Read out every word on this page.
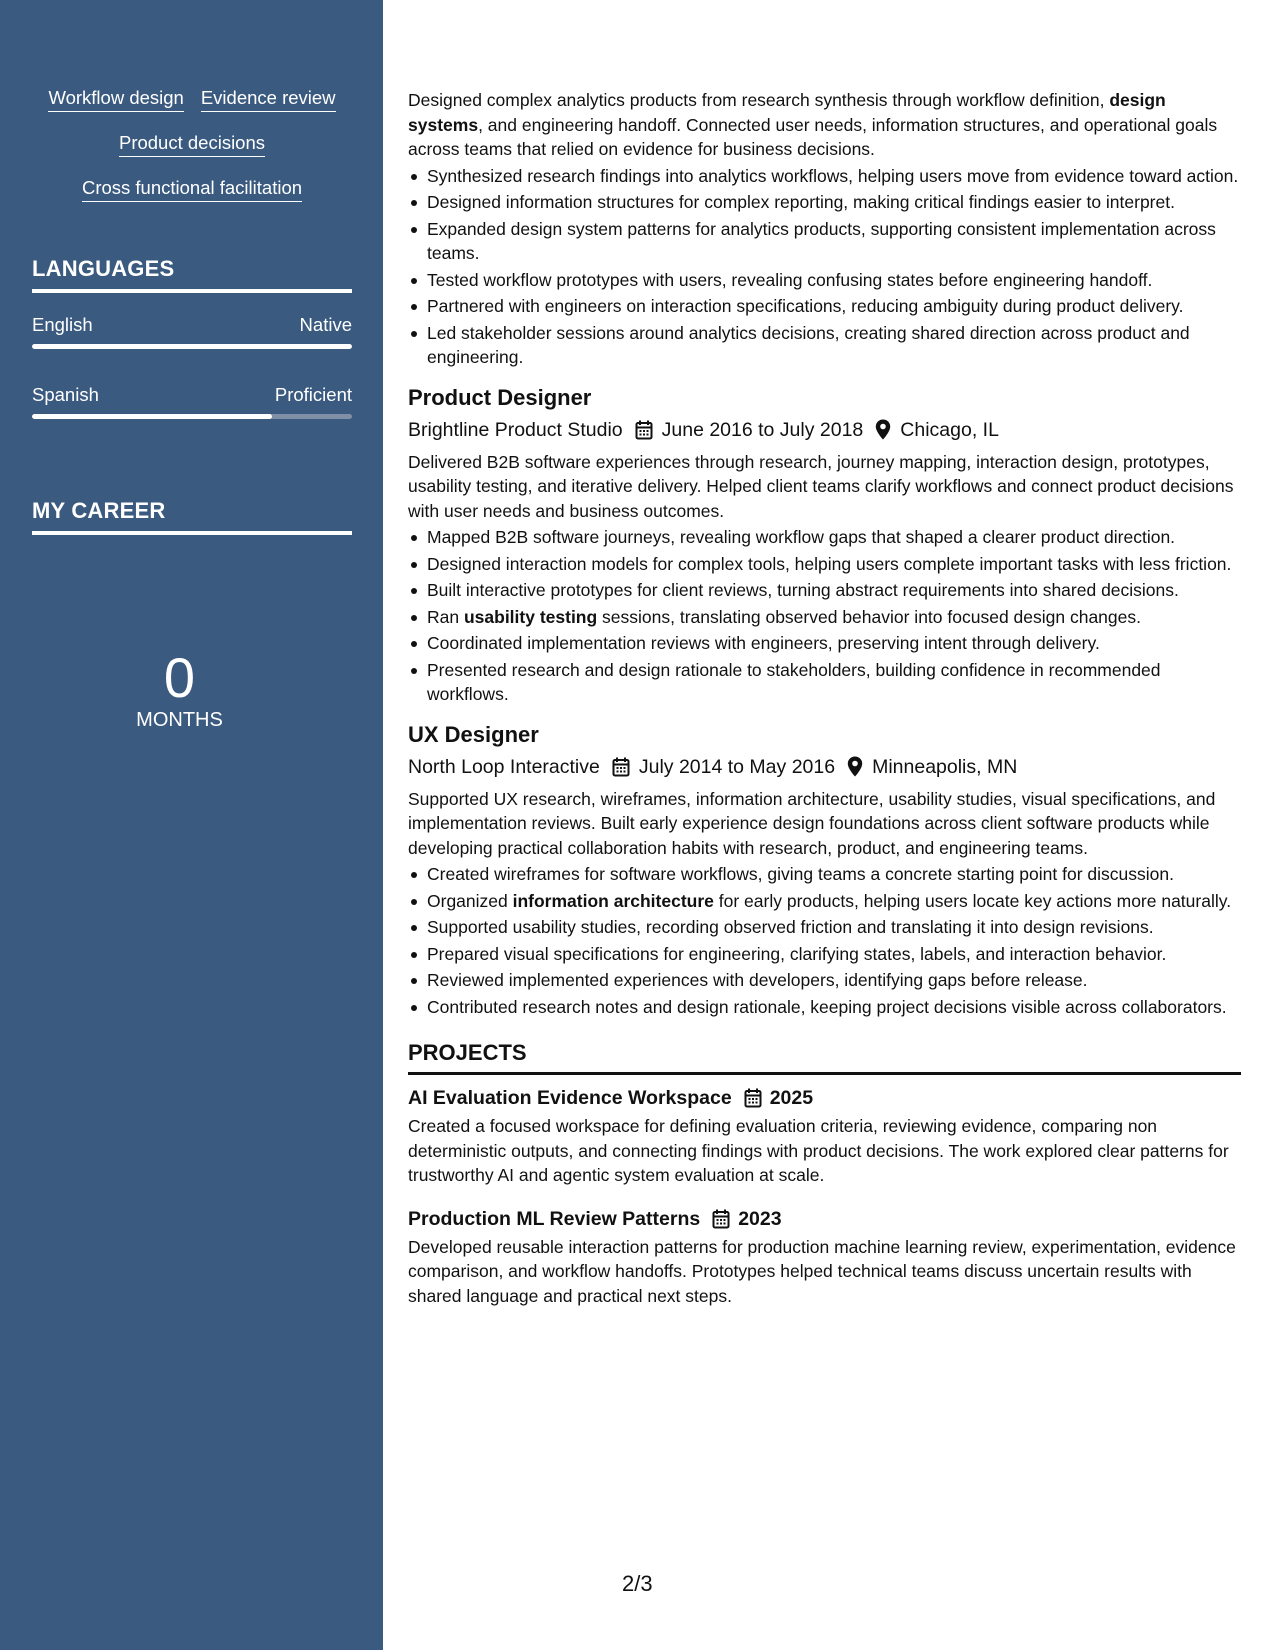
Workflow design Evidence review
Product decisions
Cross functional facilitation
LANGUAGES
English	Native
Spanish	Proficient
MY CAREER
0
MONTHS

Designed complex analytics products from research synthesis through workflow definition, design systems, and engineering handoff. Connected user needs, information structures, and operational goals across teams that relied on evidence for business decisions.

Synthesized research findings into analytics workflows, helping users move from evidence toward action.
Designed information structures for complex reporting, making critical findings easier to interpret.
Expanded design system patterns for analytics products, supporting consistent implementation across teams.
Tested workflow prototypes with users, revealing confusing states before engineering handoff.
Partnered with engineers on interaction specifications, reducing ambiguity during product delivery.
Led stakeholder sessions around analytics decisions, creating shared direction across product and engineering.
Product Designer
Brightline Product Studio June 2016 to July 2018 Chicago, IL

Delivered B2B software experiences through research, journey mapping, interaction design, prototypes, usability testing, and iterative delivery. Helped client teams clarify workflows and connect product decisions with user needs and business outcomes.

Mapped B2B software journeys, revealing workflow gaps that shaped a clearer product direction.
Designed interaction models for complex tools, helping users complete important tasks with less friction.
Built interactive prototypes for client reviews, turning abstract requirements into shared decisions.
Ran usability testing sessions, translating observed behavior into focused design changes.
Coordinated implementation reviews with engineers, preserving intent through delivery.
Presented research and design rationale to stakeholders, building confidence in recommended workflows.
UX Designer
North Loop Interactive July 2014 to May 2016 Minneapolis, MN

Supported UX research, wireframes, information architecture, usability studies, visual specifications, and implementation reviews. Built early experience design foundations across client software products while developing practical collaboration habits with research, product, and engineering teams.

Created wireframes for software workflows, giving teams a concrete starting point for discussion.
Organized information architecture for early products, helping users locate key actions more naturally.
Supported usability studies, recording observed friction and translating it into design revisions.
Prepared visual specifications for engineering, clarifying states, labels, and interaction behavior.
Reviewed implemented experiences with developers, identifying gaps before release.
Contributed research notes and design rationale, keeping project decisions visible across collaborators.
PROJECTS
AI Evaluation Evidence Workspace 2025

Created a focused workspace for defining evaluation criteria, reviewing evidence, comparing non deterministic outputs, and connecting findings with product decisions. The work explored clear patterns for trustworthy AI and agentic system evaluation at scale.

Production ML Review Patterns 2023

Developed reusable interaction patterns for production machine learning review, experimentation, evidence comparison, and workflow handoffs. Prototypes helped technical teams discuss uncertain results with shared language and practical next steps.

2/3
